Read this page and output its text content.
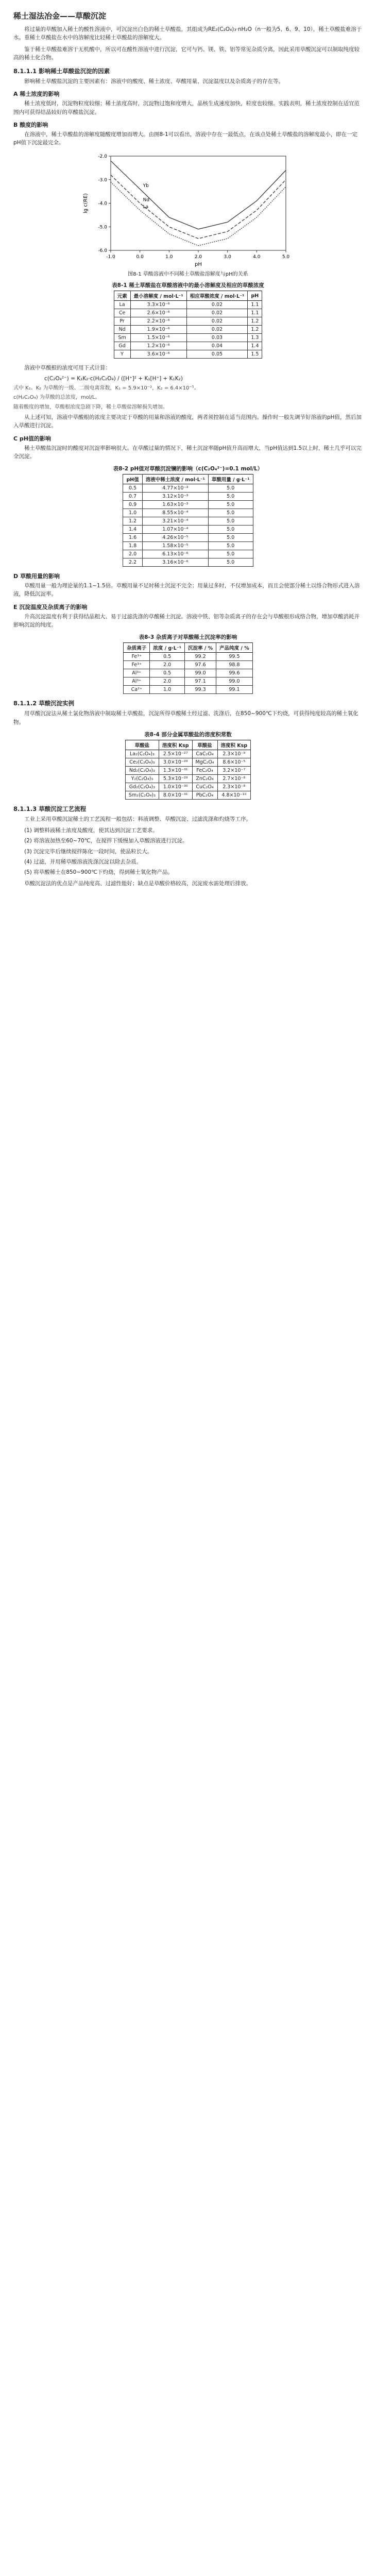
稀土湿法冶金——草酸沉淀

将过量的草酸加入稀土的酸性溶液中，可沉淀出白色的稀土草酸盐，其组成为RE₂(C₂O₄)₃·nH₂O（n一般为5、6、9、10），稀土草酸盐难溶于水。重稀土草酸盐在水中的溶解度比轻稀土草酸盐的溶解度大。

鉴于稀土草酸盐难溶于无机酸中，所以可在酸性溶液中进行沉淀，它可与钙、镁、铁、铝等常见杂质分离，因此采用草酸沉淀可以制取纯度较高的稀土化合物。

8.1.1.1 影响稀土草酸盐沉淀的因素

影响稀土草酸盐沉淀的主要因素有：溶液中的酸度、稀土浓度、草酸用量、沉淀温度以及杂质离子的存在等。

A 稀土浓度的影响

稀土浓度低时，沉淀物粒度较细；稀土浓度高时，沉淀物过饱和度增大，晶核生成速度加快，粒度也较细。实践表明，稀土浓度控制在适宜范围内可获得结晶较好的草酸盐沉淀。

B 酸度的影响

在溶液中，稀土草酸盐的溶解度随酸度增加而增大。由图8-1可以看出，溶液中存在一最低点，在该点处稀土草酸盐的溶解度最小，即在一定pH值下沉淀最完全。

-1.0	0.0	1.0	2.0	3.0	4.0	5.0
-6.0
-5.0
-4.0
-3.0
-2.0
pH
lg c(RE)
Yb
Nd
La
图8-1 草酸溶液中不同稀土草酸盐溶解度与pH的关系
表8-1 稀土草酸盐在草酸溶液中的最小溶解度及相应的草酸浓度
元素	最小溶解度 / mol·L⁻¹	相应草酸浓度 / mol·L⁻¹	pH
La	3.3×10⁻⁶	0.02	1.1
Ce	2.6×10⁻⁶	0.02	1.1
Pr	2.2×10⁻⁶	0.02	1.2
Nd	1.9×10⁻⁶	0.02	1.2
Sm	1.5×10⁻⁶	0.03	1.3
Gd	1.2×10⁻⁶	0.04	1.4
Y	3.6×10⁻⁶	0.05	1.5

溶液中草酸根的浓度可用下式计算：

c(C₂O₄²⁻) = K₁K₂·c(H₂C₂O₄) / ([H⁺]² + K₁[H⁺] + K₁K₂)

式中 K₁、K₂ 为草酸的一级、二级电离常数，K₁ = 5.9×10⁻²，K₂ = 6.4×10⁻⁵。

c(H₂C₂O₄) 为草酸的总浓度，mol/L。

随着酸度的增加，草酸根浓度急剧下降，稀土草酸盐溶解损失增加。

从上述可知，溶液中草酸根的浓度主要决定于草酸的用量和溶液的酸度，两者须控制在适当范围内。操作时一般先调节好溶液的pH值，然后加入草酸进行沉淀。

C pH值的影响

稀土草酸盐沉淀时的酸度对沉淀率影响很大。在草酸过量的情况下，稀土沉淀率随pH值升高而增大，当pH值达到1.5以上时，稀土几乎可以完全沉淀。

表8-2 pH值对草酸沉淀镧的影响（c(C₂O₄²⁻)=0.1 mol/L）
pH值	溶液中稀土浓度 / mol·L⁻¹	草酸用量 / g·L⁻¹
0.5	4.77×10⁻³	5.0
0.7	3.12×10⁻³	5.0
0.9	1.63×10⁻³	5.0
1.0	8.55×10⁻⁴	5.0
1.2	3.21×10⁻⁴	5.0
1.4	1.07×10⁻⁴	5.0
1.6	4.26×10⁻⁵	5.0
1.8	1.58×10⁻⁵	5.0
2.0	6.13×10⁻⁶	5.0
2.2	3.16×10⁻⁶	5.0
D 草酸用量的影响

草酸用量一般为理论量的1.1~1.5倍。草酸用量不足时稀土沉淀不完全；用量过多时，不仅增加成本，而且会使部分稀土以络合物形式进入溶液，降低沉淀率。

E 沉淀温度及杂质离子的影响

升高沉淀温度有利于获得结晶粗大、易于过滤洗涤的草酸稀土沉淀。溶液中铁、铝等杂质离子的存在会与草酸根形成络合物，增加草酸消耗并影响沉淀的纯度。

表8-3 杂质离子对草酸稀土沉淀率的影响
杂质离子	浓度 / g·L⁻¹	沉淀率 / %	产品纯度 / %
Fe³⁺	0.5	99.2	99.5
Fe³⁺	2.0	97.6	98.8
Al³⁺	0.5	99.0	99.6
Al³⁺	2.0	97.1	99.0
Ca²⁺	1.0	99.3	99.1
8.1.1.2 草酸沉淀实例

用草酸沉淀法从稀土氯化物溶液中制取稀土草酸盐，沉淀所得草酸稀土经过滤、洗涤后，在850~900℃下灼烧，可获得纯度较高的稀土氧化物。

表8-4 部分金属草酸盐的溶度积常数
草酸盐	溶度积 Ksp	草酸盐	溶度积 Ksp
La₂(C₂O₄)₃	2.5×10⁻²⁷	CaC₂O₄	2.3×10⁻⁹
Ce₂(C₂O₄)₃	3.0×10⁻²⁹	MgC₂O₄	8.6×10⁻⁵
Nd₂(C₂O₄)₃	1.3×10⁻³¹	FeC₂O₄	3.2×10⁻⁷
Y₂(C₂O₄)₃	5.3×10⁻²⁹	ZnC₂O₄	2.7×10⁻⁸
Gd₂(C₂O₄)₃	1.0×10⁻³⁰	CuC₂O₄	2.3×10⁻⁸
Sm₂(C₂O₄)₃	8.0×10⁻³¹	PbC₂O₄	4.8×10⁻¹⁰
8.1.1.3 草酸沉淀工艺流程

工业上采用草酸沉淀稀土的工艺流程一般包括：料液调整、草酸沉淀、过滤洗涤和灼烧等工序。

(1) 调整料液稀土浓度及酸度，使其达到沉淀工艺要求。
(2) 将溶液加热至60~70℃，在搅拌下缓慢加入草酸溶液进行沉淀。
(3) 沉淀完毕后继续搅拌陈化一段时间，使晶粒长大。
(4) 过滤，并用稀草酸溶液洗涤沉淀以除去杂质。
(5) 将草酸稀土在850~900℃下灼烧，得到稀土氧化物产品。

草酸沉淀法的优点是产品纯度高、过滤性能好；缺点是草酸价格较高，沉淀废水需处理后排放。
